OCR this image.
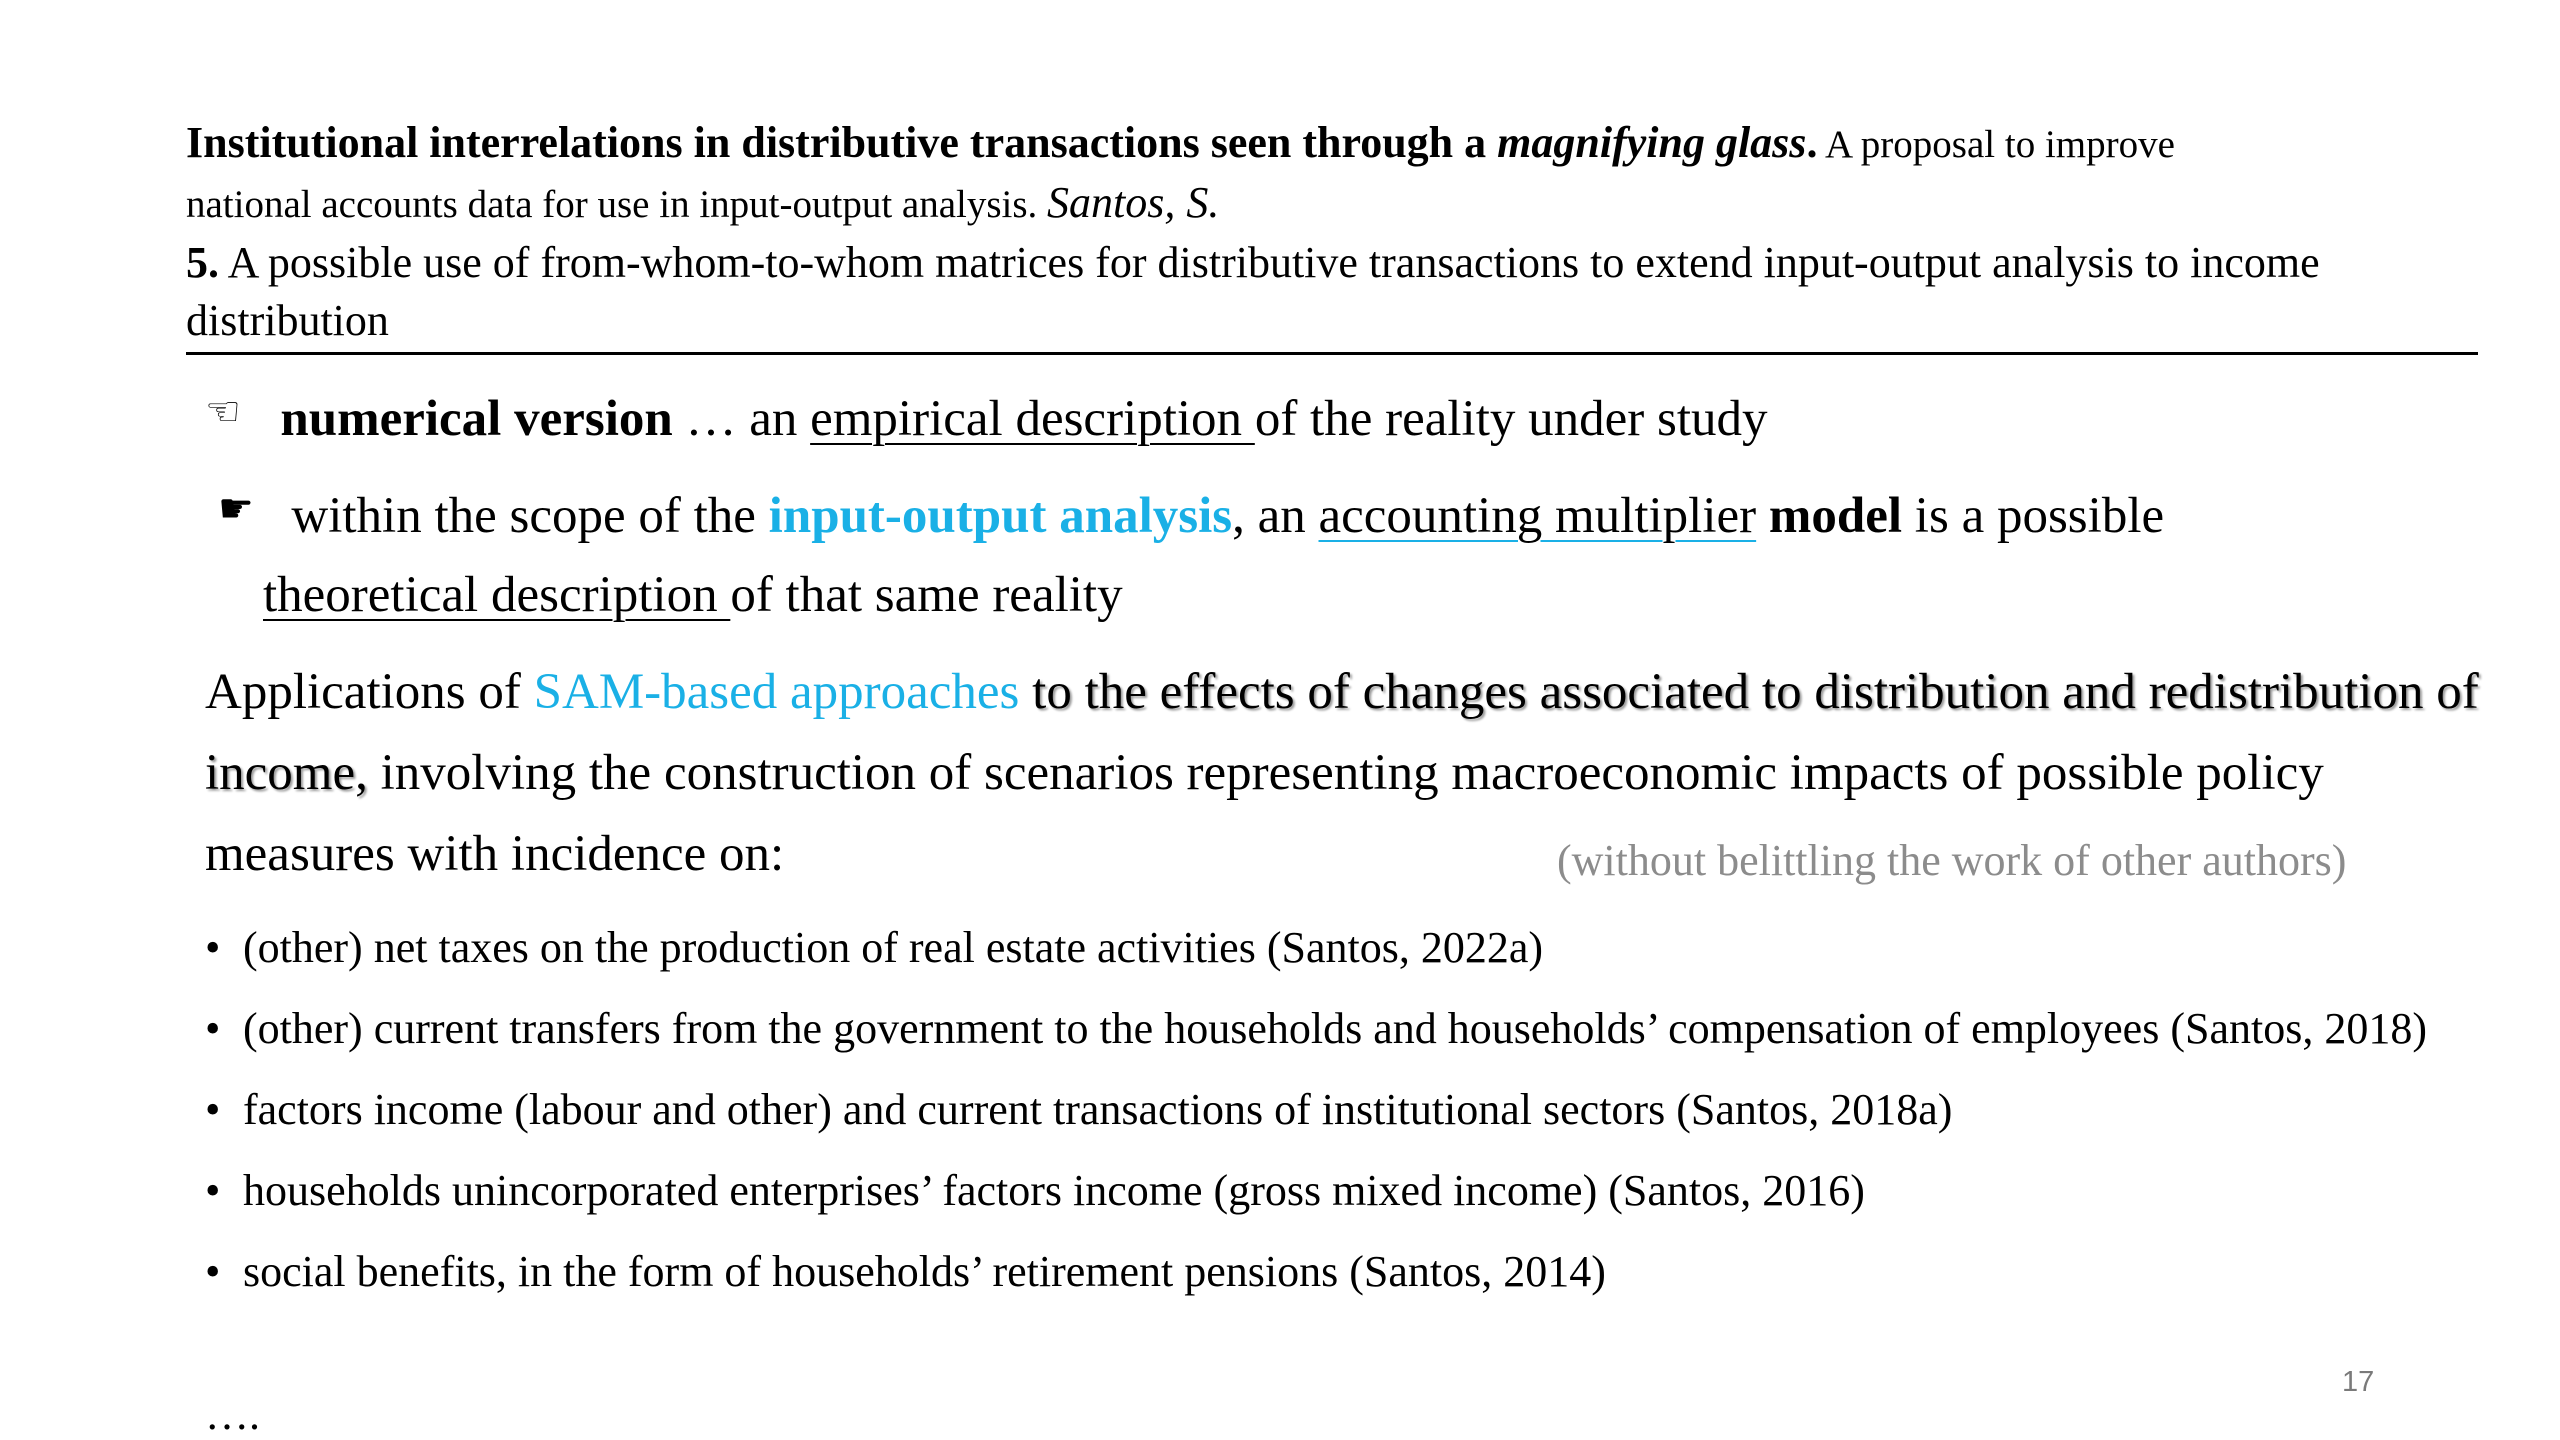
Institutional interrelations in distributive transactions seen through a magnifying glass. A proposal to improve
national accounts data for use in input-output analysis. Santos, S.
5. A possible use of from-whom-to-whom matrices for distributive transactions to extend input-output analysis to income distribution
☜ numerical version … an empirical description of the reality under study
☛ within the scope of the input-output analysis, an accounting multiplier model is a possible
theoretical description of that same reality
Applications of SAM-based approaches to the effects of changes associated to distribution and redistribution of income, involving the construction of scenarios representing macroeconomic impacts of possible policy measures with incidence on:	(without belittling the work of other authors)
• (other) net taxes on the production of real estate activities (Santos, 2022a)
• (other) current transfers from the government to the households and households’ compensation of employees (Santos, 2018)
• factors income (labour and other) and current transactions of institutional sectors (Santos, 2018a)
• households unincorporated enterprises’ factors income (gross mixed income) (Santos, 2016)
• social benefits, in the form of households’ retirement pensions (Santos, 2014)
….
17
